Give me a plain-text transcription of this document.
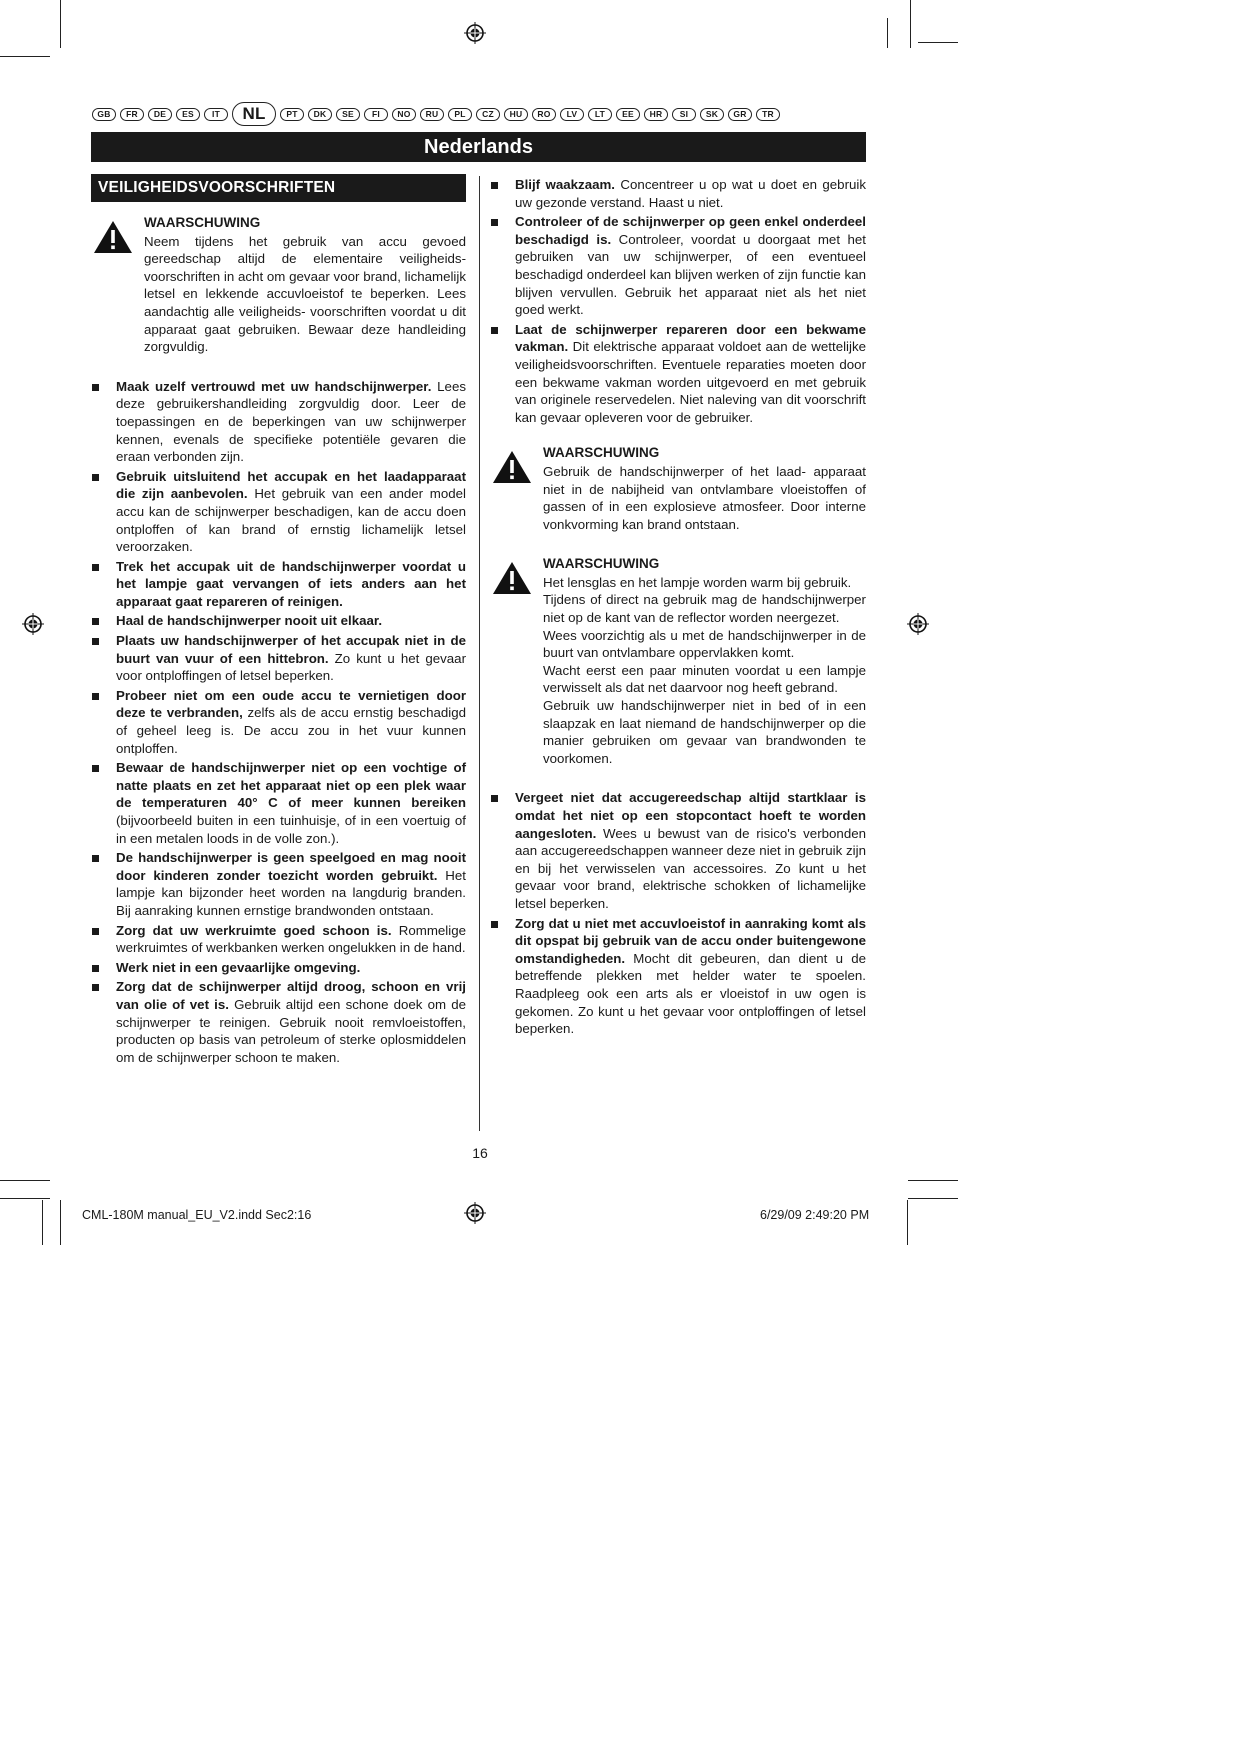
GB	FR	DE	ES	IT	NL	PT	DK	SE	FI	NO	RU	PL	CZ	HU	RO	LV	LT	EE	HR	SI	SK	GR	TR
Nederlands
VEILIGHEIDSVOORSCHRIFTEN
WAARSCHUWING
Neem tijdens het gebruik van accu gevoed gereedschap altijd de elementaire veiligheids- voorschriften in acht om gevaar voor brand, lichamelijk letsel en lekkende accuvloeistof te beperken. Lees aandachtig alle veiligheids- voorschriften voordat u dit apparaat gaat gebruiken. Bewaar deze handleiding zorgvuldig.
Maak uzelf vertrouwd met uw handschijnwerper. Lees deze gebruikershandleiding zorgvuldig door. Leer de toepassingen en de beperkingen van uw schijnwerper kennen, evenals de specifieke potentiële gevaren die eraan verbonden zijn.
Gebruik uitsluitend het accupak en het laadapparaat die zijn aanbevolen. Het gebruik van een ander model accu kan de schijnwerper beschadigen, kan de accu doen ontploffen of kan brand of ernstig lichamelijk letsel veroorzaken.
Trek het accupak uit de handschijnwerper voordat u het lampje gaat vervangen of iets anders aan het apparaat gaat repareren of reinigen.
Haal de handschijnwerper nooit uit elkaar.
Plaats uw handschijnwerper of het accupak niet in de buurt van vuur of een hittebron. Zo kunt u het gevaar voor ontploffingen of letsel beperken.
Probeer niet om een oude accu te vernietigen door deze te verbranden, zelfs als de accu ernstig beschadigd of geheel leeg is. De accu zou in het vuur kunnen ontploffen.
Bewaar de handschijnwerper niet op een vochtige of natte plaats en zet het apparaat niet op een plek waar de temperaturen 40° C of meer kunnen bereiken (bijvoorbeeld buiten in een tuinhuisje, of in een voertuig of in een metalen loods in de volle zon.).
De handschijnwerper is geen speelgoed en mag nooit door kinderen zonder toezicht worden gebruikt. Het lampje kan bijzonder heet worden na langdurig branden. Bij aanraking kunnen ernstige brandwonden ontstaan.
Zorg dat uw werkruimte goed schoon is. Rommelige werkruimtes of werkbanken werken ongelukken in de hand.
Werk niet in een gevaarlijke omgeving.
Zorg dat de schijnwerper altijd droog, schoon en vrij van olie of vet is. Gebruik altijd een schone doek om de schijnwerper te reinigen. Gebruik nooit remvloeistoffen, producten op basis van petroleum of sterke oplosmiddelen om de schijnwerper schoon te maken.
Blijf waakzaam. Concentreer u op wat u doet en gebruik uw gezonde verstand. Haast u niet.
Controleer of de schijnwerper op geen enkel onderdeel beschadigd is. Controleer, voordat u doorgaat met het gebruiken van uw schijnwerper, of een eventueel beschadigd onderdeel kan blijven werken of zijn functie kan blijven vervullen. Gebruik het apparaat niet als het niet goed werkt.
Laat de schijnwerper repareren door een bekwame vakman. Dit elektrische apparaat voldoet aan de wettelijke veiligheidsvoorschriften. Eventuele reparaties moeten door een bekwame vakman worden uitgevoerd en met gebruik van originele reservedelen. Niet naleving van dit voorschrift kan gevaar opleveren voor de gebruiker.
WAARSCHUWING
Gebruik de handschijnwerper of het laad- apparaat niet in de nabijheid van ontvlambare vloeistoffen of gassen of in een explosieve atmosfeer. Door interne vonkvorming kan brand ontstaan.
WAARSCHUWING
Het lensglas en het lampje worden warm bij gebruik.
Tijdens of direct na gebruik mag de handschijnwerper niet op de kant van de reflector worden neergezet.
Wees voorzichtig als u met de handschijnwerper in de buurt van ontvlambare oppervlakken komt.
Wacht eerst een paar minuten voordat u een lampje verwisselt als dat net daarvoor nog heeft gebrand.
Gebruik uw handschijnwerper niet in bed of in een slaapzak en laat niemand de handschijnwerper op die manier gebruiken om gevaar van brandwonden te voorkomen.
Vergeet niet dat accugereedschap altijd startklaar is omdat het niet op een stopcontact hoeft te worden aangesloten. Wees u bewust van de risico's verbonden aan accugereedschappen wanneer deze niet in gebruik zijn en bij het verwisselen van accessoires. Zo kunt u het gevaar voor brand, elektrische schokken of lichamelijke letsel beperken.
Zorg dat u niet met accuvloeistof in aanraking komt als dit opspat bij gebruik van de accu onder buitengewone omstandigheden. Mocht dit gebeuren, dan dient u de betreffende plekken met helder water te spoelen. Raadpleeg ook een arts als er vloeistof in uw ogen is gekomen. Zo kunt u het gevaar voor ontploffingen of letsel beperken.
16
CML-180M manual_EU_V2.indd Sec2:16	6/29/09 2:49:20 PM
